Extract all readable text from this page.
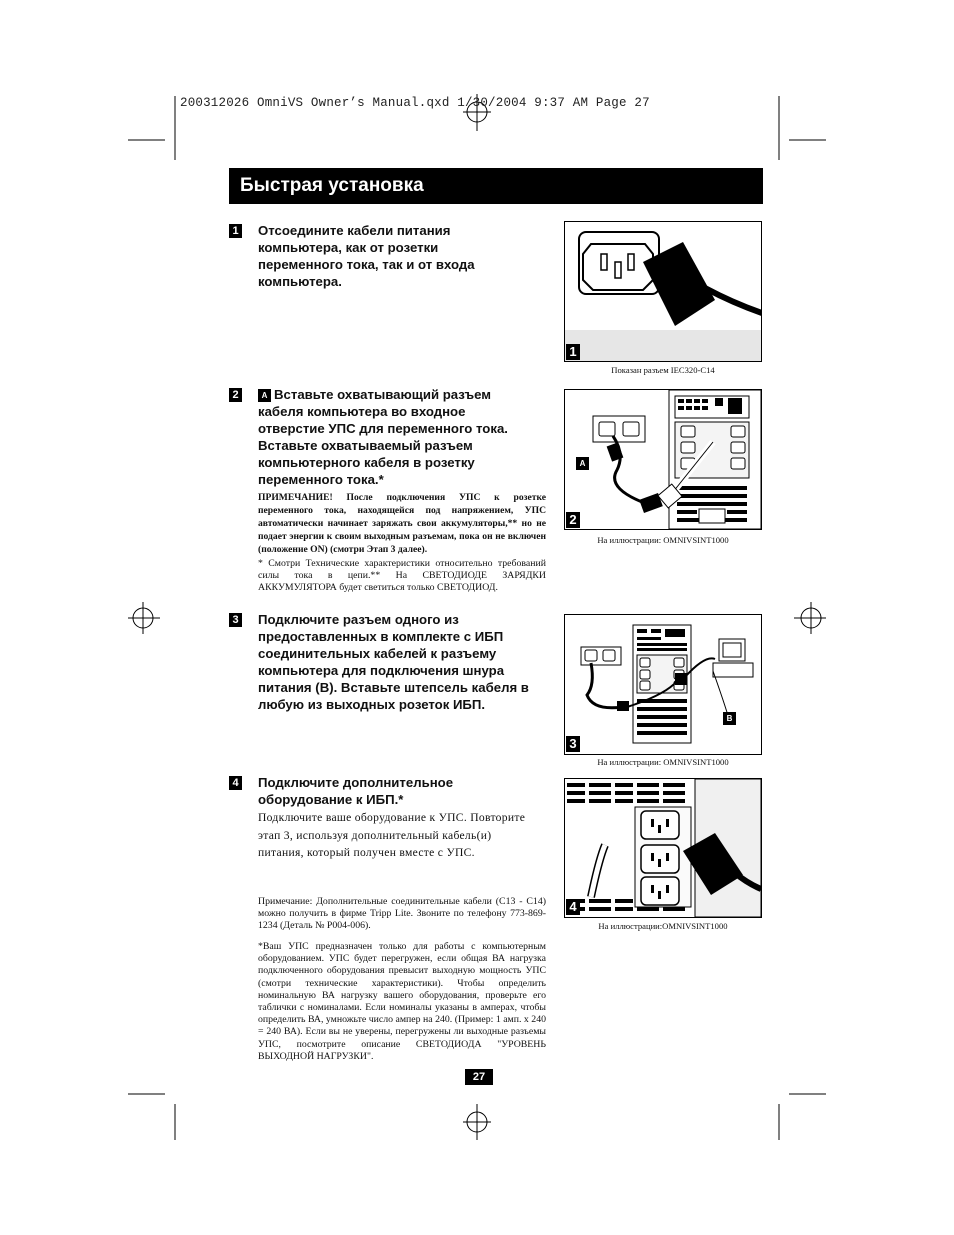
200312026 OmniVS Owner’s Manual.qxd 1/30/2004 9:37 AM Page 27
Быстрая установка
1 Отсоедините кабели питания компьютера, как от розетки переменного тока, так и от входа компьютера.
1
Показан разъем IEC320-C14
2	A Вставьте охватывающий разъем кабеля компьютера во входное отверстие УПС для переменного тока. Вставьте охватываемый разъем компьютерного кабеля в розетку переменного тока.*
ПРИМЕЧАНИЕ! После подключения УПС к розетке переменного тока, находящейся под напряжением, УПС автоматически начинает заряжать свои аккумуляторы,** но не подает энергии к своим выходным разъемам, пока он не включен (положение ON) (смотри Этап 3 далее).
* Смотри Технические характеристики относительно требований силы тока в цепи.** На СВЕТОДИОДЕ ЗАРЯДКИ АККУМУЛЯТОРА будет светиться только СВЕТОДИОД.
A
2
На иллюстрации: OMNIVSINT1000
3 Подключите разъем одного из предоставленных в комплекте с ИБП соединительных кабелей к разъему компьютера для подключения шнура питания (B). Вставьте штепсель кабеля в любую из выходных розеток ИБП.
B
3
На иллюстрации: OMNIVSINT1000
4 Подключите дополнительное оборудование к ИБП.*
Подключите ваше оборудование к УПС. Повторите этап 3, используя дополнительный кабель(и) питания, который получен вместе с УПС.
4
На иллюстрации:OMNIVSINT1000
Примечание: Дополнительные соединительные кабели (C13 - C14) можно получить в фирме Tripp Lite. Звоните по телефону 773-869-1234 (Деталь № P004-006).
*Ваш УПС предназначен только для работы с компьютерным оборудованием. УПС будет перегружен, если общая ВА нагрузка подключенного оборудования превысит выходную мощность УПС (смотри технические характеристики). Чтобы определить номинальную ВА нагрузку вашего оборудования, проверьте его таблички с номиналами. Если номиналы указаны в амперах, чтобы определить ВА, умножьте число ампер на 240. (Пример: 1 амп. x 240 = 240 ВА). Если вы не уверены, перегружены ли выходные разъемы УПС, посмотрите описание СВЕТОДИОДА "УРОВЕНЬ ВЫХОДНОЙ НАГРУЗКИ".
27
